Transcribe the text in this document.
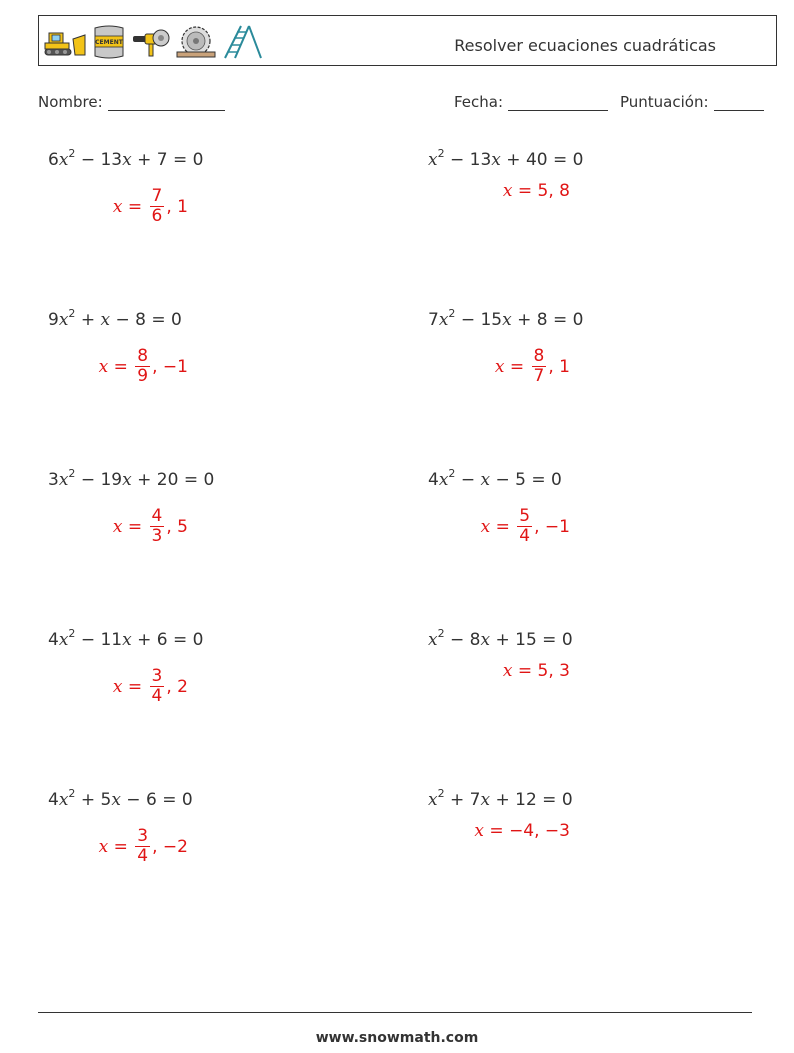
CEMENT	Resolver ecuaciones cuadráticas
Nombre:	Fecha:	Puntuación:
$6x^2 - 13x + 7 = 0$
$x = \frac{7}{6}$ , 1
$x^2 - 13x + 40 = 0$
x = 5, 8
$9x^2 + x - 8 = 0$
$x = \frac{8}{9}$ , −1
$7x^2 - 15x + 8 = 0$
$x = \frac{8}{7}$ , 1
$3x^2 - 19x + 20 = 0$
$x = \frac{4}{3}$ , 5
$4x^2 - x - 5 = 0$
$x = \frac{5}{4}$ , −1
$4x^2 - 11x + 6 = 0$
$x = \frac{3}{4}$ , 2
$x^2 - 8x + 15 = 0$
x = 5, 3
$4x^2 + 5x - 6 = 0$
$x = \frac{3}{4}$ , −2
$x^2 + 7x + 12 = 0$
x = −4, −3
www.snowmath.com
